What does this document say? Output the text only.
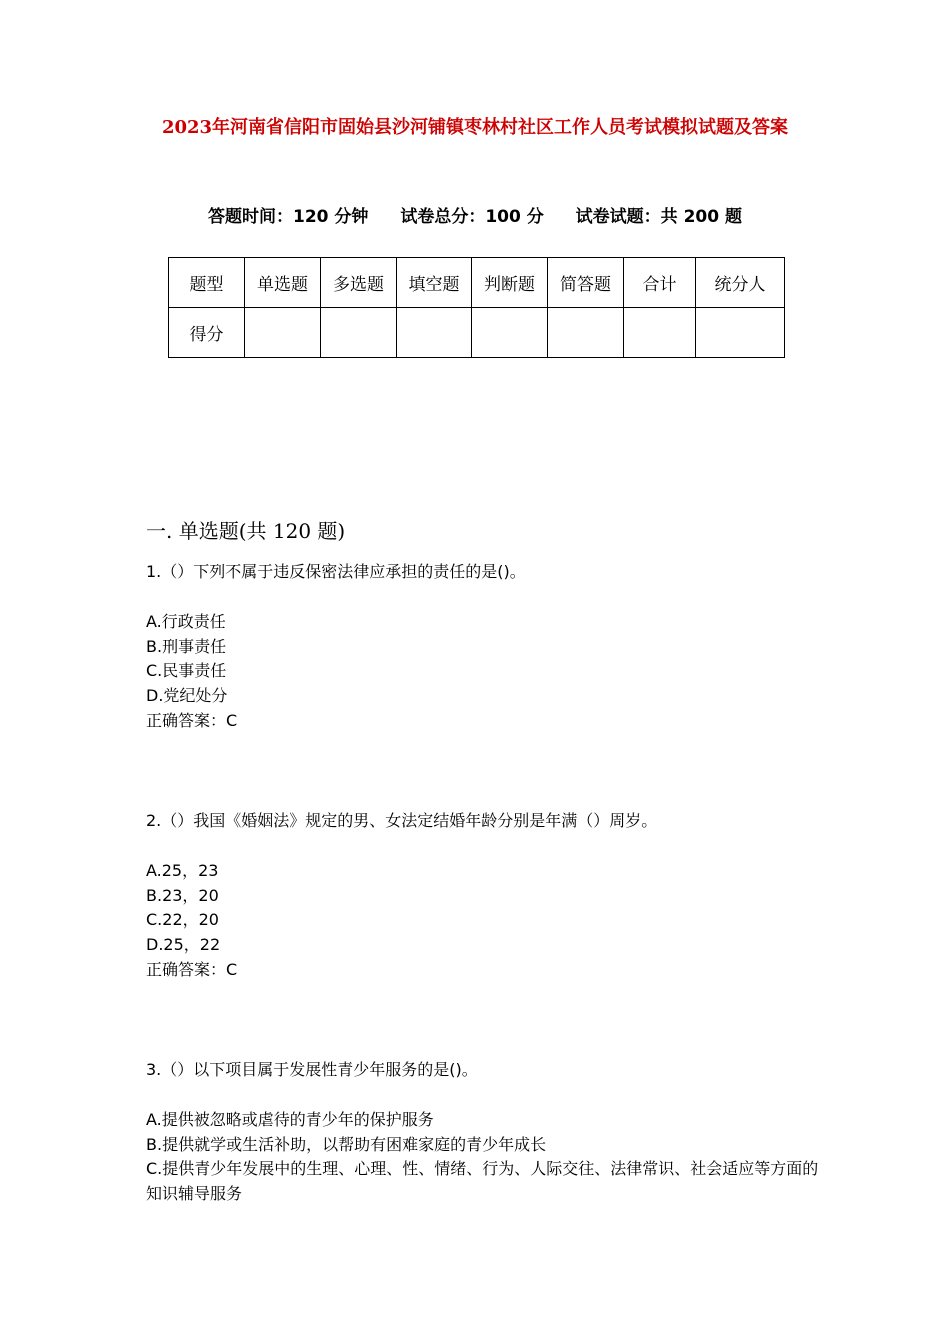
2023年河南省信阳市固始县沙河铺镇枣林村社区工作人员考试模拟试题及答案
答题时间：120 分钟 试卷总分：100 分 试卷试题：共 200 题
题型	单选题	多选题	填空题	判断题	简答题	合计	统分人
得分							
一. 单选题(共 120 题)

1.（）下列不属于违反保密法律应承担的责任的是()。

A.行政责任

B.刑事责任

C.民事责任

D.党纪处分

正确答案：C

2.（）我国《婚姻法》规定的男、女法定结婚年龄分别是年满（）周岁。

A.25，23

B.23，20

C.22，20

D.25，22

正确答案：C

3.（）以下项目属于发展性青少年服务的是()。

A.提供被忽略或虐待的青少年的保护服务

B.提供就学或生活补助，以帮助有困难家庭的青少年成长

C.提供青少年发展中的生理、心理、性、情绪、行为、人际交往、法律常识、社会适应等方面的知识辅导服务
